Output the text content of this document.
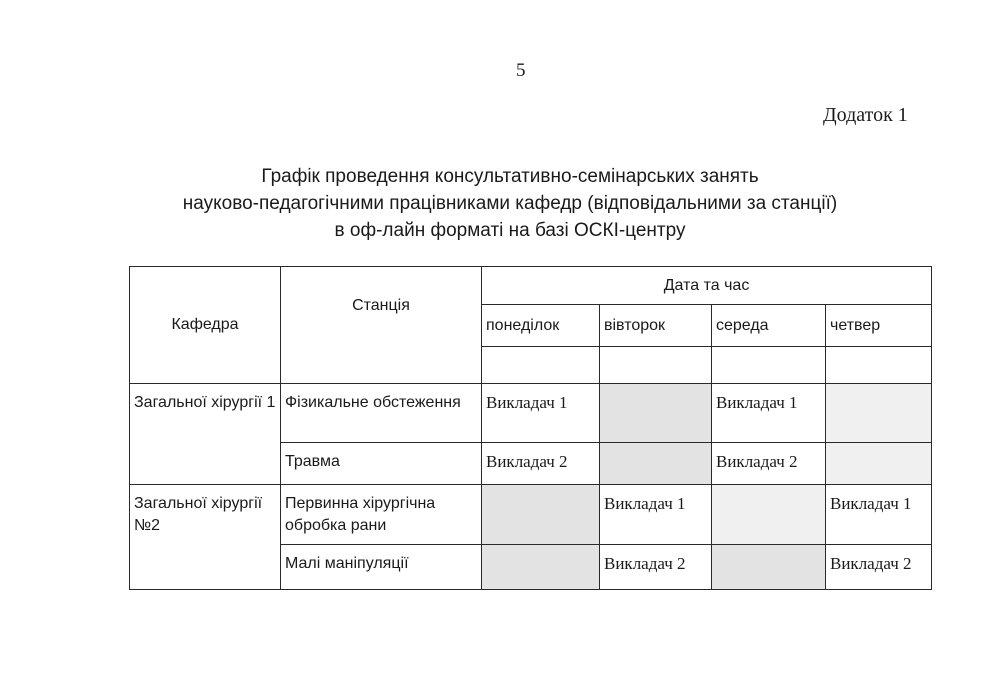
5
Додаток 1
Графік проведення консультативно-семінарських занять
науково-педагогічними працівниками кафедр (відповідальними за станції)
в оф-лайн форматі на базі ОСКІ-центру
Кафедра	Станція	Дата та час			
		понеділок	вівторок	середа	четвер

Загальної хірургії 1	Фізикальне обстеження	Викладач 1		Викладач 1	
	Травма	Викладач 2		Викладач 2	
Загальної хірургії №2	Первинна хірургічна обробка рани		Викладач 1		Викладач 1
	Малі маніпуляції		Викладач 2		Викладач 2
